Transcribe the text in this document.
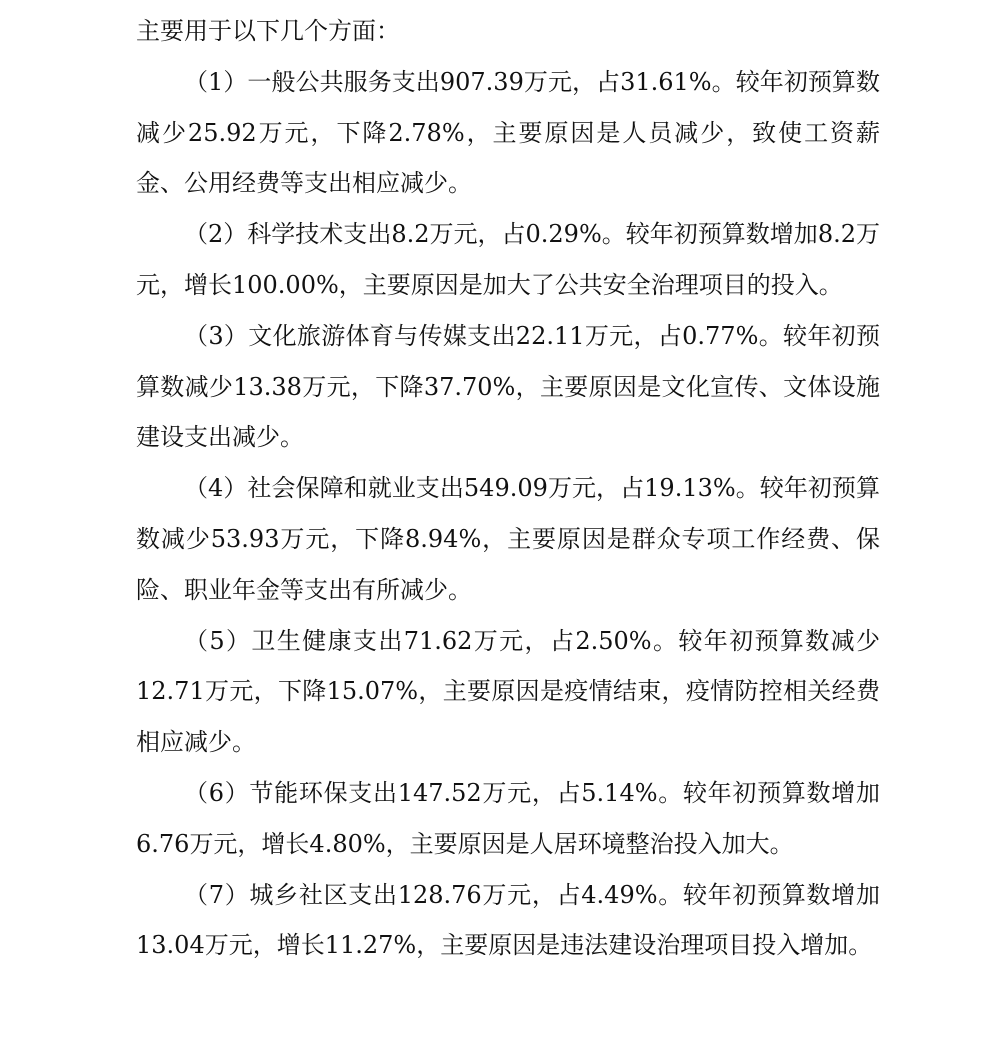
主要用于以下几个方面：

（1）一般公共服务支出907.39万元，占31.61%。较年初预算数减少25.92万元，下降2.78%，主要原因是人员减少，致使工资薪金、公用经费等支出相应减少。

（2）科学技术支出8.2万元，占0.29%。较年初预算数增加8.2万元，增长100.00%，主要原因是加大了公共安全治理项目的投入。

（3）文化旅游体育与传媒支出22.11万元，占0.77%。较年初预算数减少13.38万元，下降37.70%，主要原因是文化宣传、文体设施建设支出减少。

（4）社会保障和就业支出549.09万元，占19.13%。较年初预算数减少53.93万元，下降8.94%，主要原因是群众专项工作经费、保险、职业年金等支出有所减少。

（5）卫生健康支出71.62万元，占2.50%。较年初预算数减少12.71万元，下降15.07%，主要原因是疫情结束，疫情防控相关经费相应减少。

（6）节能环保支出147.52万元，占5.14%。较年初预算数增加6.76万元，增长4.80%，主要原因是人居环境整治投入加大。

（7）城乡社区支出128.76万元，占4.49%。较年初预算数增加13.04万元，增长11.27%，主要原因是违法建设治理项目投入增加。
